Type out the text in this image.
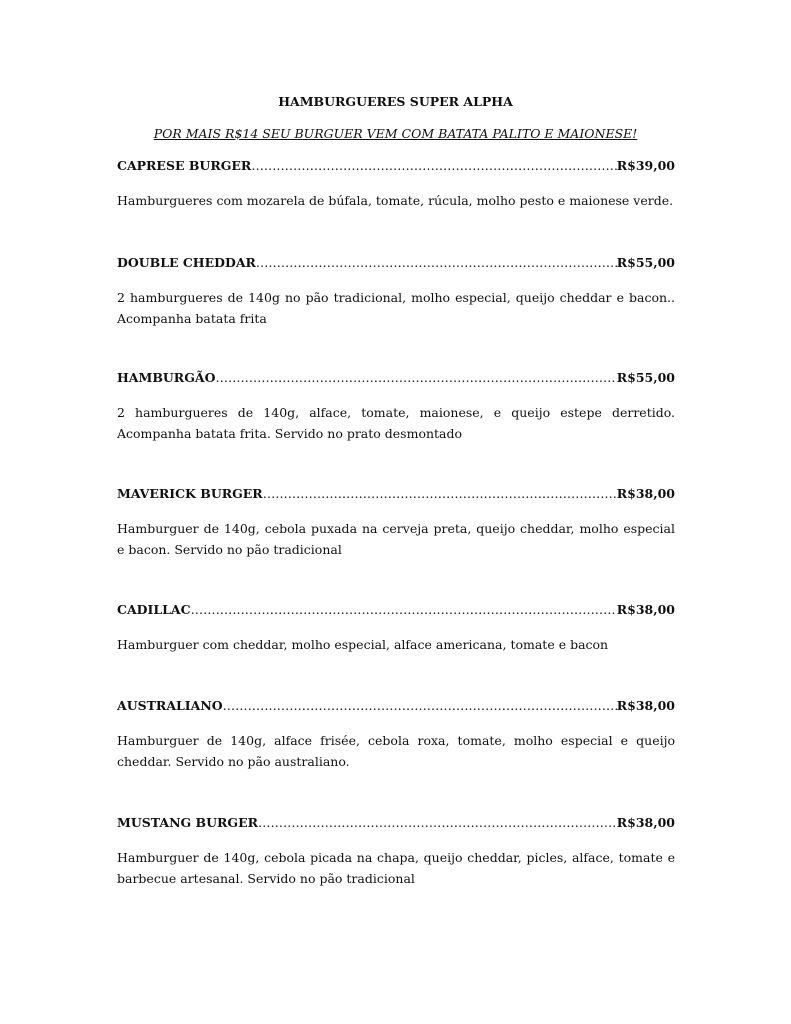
HAMBURGUERES SUPER ALPHA
POR MAIS R$14 SEU BURGUER VEM COM BATATA PALITO E MAIONESE!
CAPRESE BURGER ………………………………………………………………………………………………………………………………………………………………………………………………	R$39,00
Hamburgueres com mozarela de búfala, tomate, rúcula, molho pesto e maionese verde.
DOUBLE CHEDDAR ………………………………………………………………………………………………………………………………………………………………………………………………	R$55,00
2 hamburgueres de 140g no pão tradicional, molho especial, queijo cheddar e bacon.. Acompanha batata frita
HAMBURGÃO ………………………………………………………………………………………………………………………………………………………………………………………………	R$55,00
2 hamburgueres de 140g, alface, tomate, maionese, e queijo estepe derretido. Acompanha batata frita. Servido no prato desmontado
MAVERICK BURGER ………………………………………………………………………………………………………………………………………………………………………………………………	R$38,00
Hamburguer de 140g, cebola puxada na cerveja preta, queijo cheddar, molho especial e bacon. Servido no pão tradicional
CADILLAC ………………………………………………………………………………………………………………………………………………………………………………………………	R$38,00
Hamburguer com cheddar, molho especial, alface americana, tomate e bacon
AUSTRALIANO ………………………………………………………………………………………………………………………………………………………………………………………………	R$38,00
Hamburguer de 140g, alface frisée, cebola roxa, tomate, molho especial e queijo cheddar. Servido no pão australiano.
MUSTANG BURGER ………………………………………………………………………………………………………………………………………………………………………………………………	R$38,00
Hamburguer de 140g, cebola picada na chapa, queijo cheddar, picles, alface, tomate e barbecue artesanal. Servido no pão tradicional
